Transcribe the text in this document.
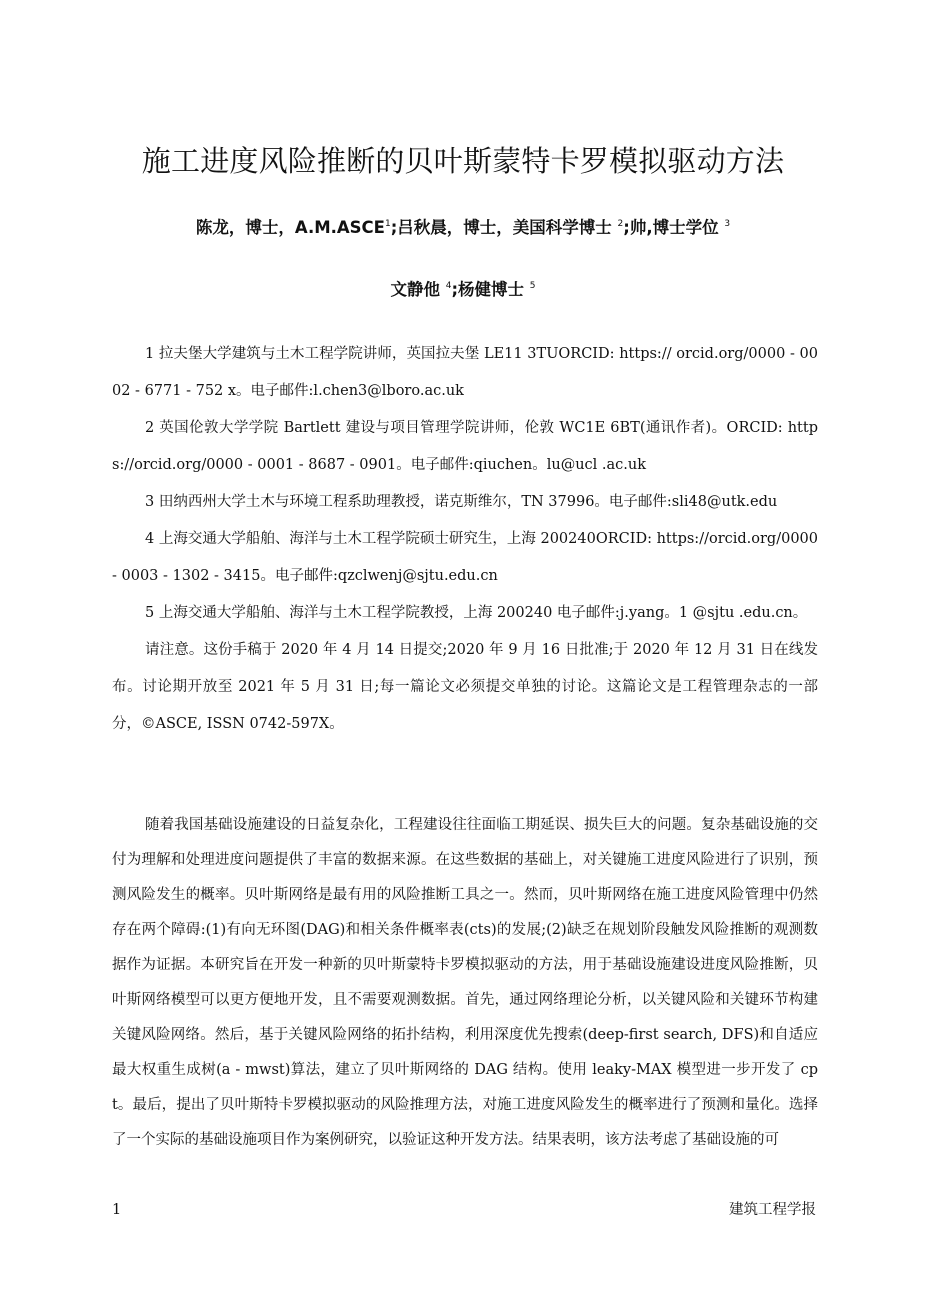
施工进度风险推断的贝叶斯蒙特卡罗模拟驱动方法
陈龙，博士，A.M.ASCE$^1$;吕秋晨，博士，美国科学博士 $^2$;帅,博士学位 $^3$
文静他 $^4$;杨健博士 $^5$

1 拉夫堡大学建筑与土木工程学院讲师，英国拉夫堡 LE11 3TUORCID: https:// orcid.org/0000 - 0002 - 6771 - 752 x。电子邮件:l.chen3@lboro.ac.uk

2 英国伦敦大学学院 Bartlett 建设与项目管理学院讲师，伦敦 WC1E 6BT(通讯作者)。ORCID: https://orcid.org/0000 - 0001 - 8687 - 0901。电子邮件:qiuchen。lu@ucl .ac.uk

3 田纳西州大学土木与环境工程系助理教授，诺克斯维尔，TN 37996。电子邮件:sli48@utk.edu

4 上海交通大学船舶、海洋与土木工程学院硕士研究生，上海 200240ORCID: https://orcid.org/0000 - 0003 - 1302 - 3415。电子邮件:qzclwenj@sjtu.edu.cn

5 上海交通大学船舶、海洋与土木工程学院教授，上海 200240 电子邮件:j.yang。1 @sjtu .edu.cn。

请注意。这份手稿于 2020 年 4 月 14 日提交;2020 年 9 月 16 日批准;于 2020 年 12 月 31 日在线发布。讨论期开放至 2021 年 5 月 31 日;每一篇论文必须提交单独的讨论。这篇论文是工程管理杂志的一部分，©ASCE, ISSN 0742-597X。

随着我国基础设施建设的日益复杂化，工程建设往往面临工期延误、损失巨大的问题。复杂基础设施的交付为理解和处理进度问题提供了丰富的数据来源。在这些数据的基础上，对关键施工进度风险进行了识别，预测风险发生的概率。贝叶斯网络是最有用的风险推断工具之一。然而，贝叶斯网络在施工进度风险管理中仍然存在两个障碍:(1)有向无环图(DAG)和相关条件概率表(cts)的发展;(2)缺乏在规划阶段触发风险推断的观测数据作为证据。本研究旨在开发一种新的贝叶斯蒙特卡罗模拟驱动的方法，用于基础设施建设进度风险推断，贝叶斯网络模型可以更方便地开发，且不需要观测数据。首先，通过网络理论分析，以关键风险和关键环节构建关键风险网络。然后，基于关键风险网络的拓扑结构，利用深度优先搜索(deep-first search, DFS)和自适应最大权重生成树(a - mwst)算法，建立了贝叶斯网络的 DAG 结构。使用 leaky-MAX 模型进一步开发了 cpt。最后，提出了贝叶斯特卡罗模拟驱动的风险推理方法，对施工进度风险发生的概率进行了预测和量化。选择了一个实际的基础设施项目作为案例研究，以验证这种开发方法。结果表明，该方法考虑了基础设施的可

1	建筑工程学报
